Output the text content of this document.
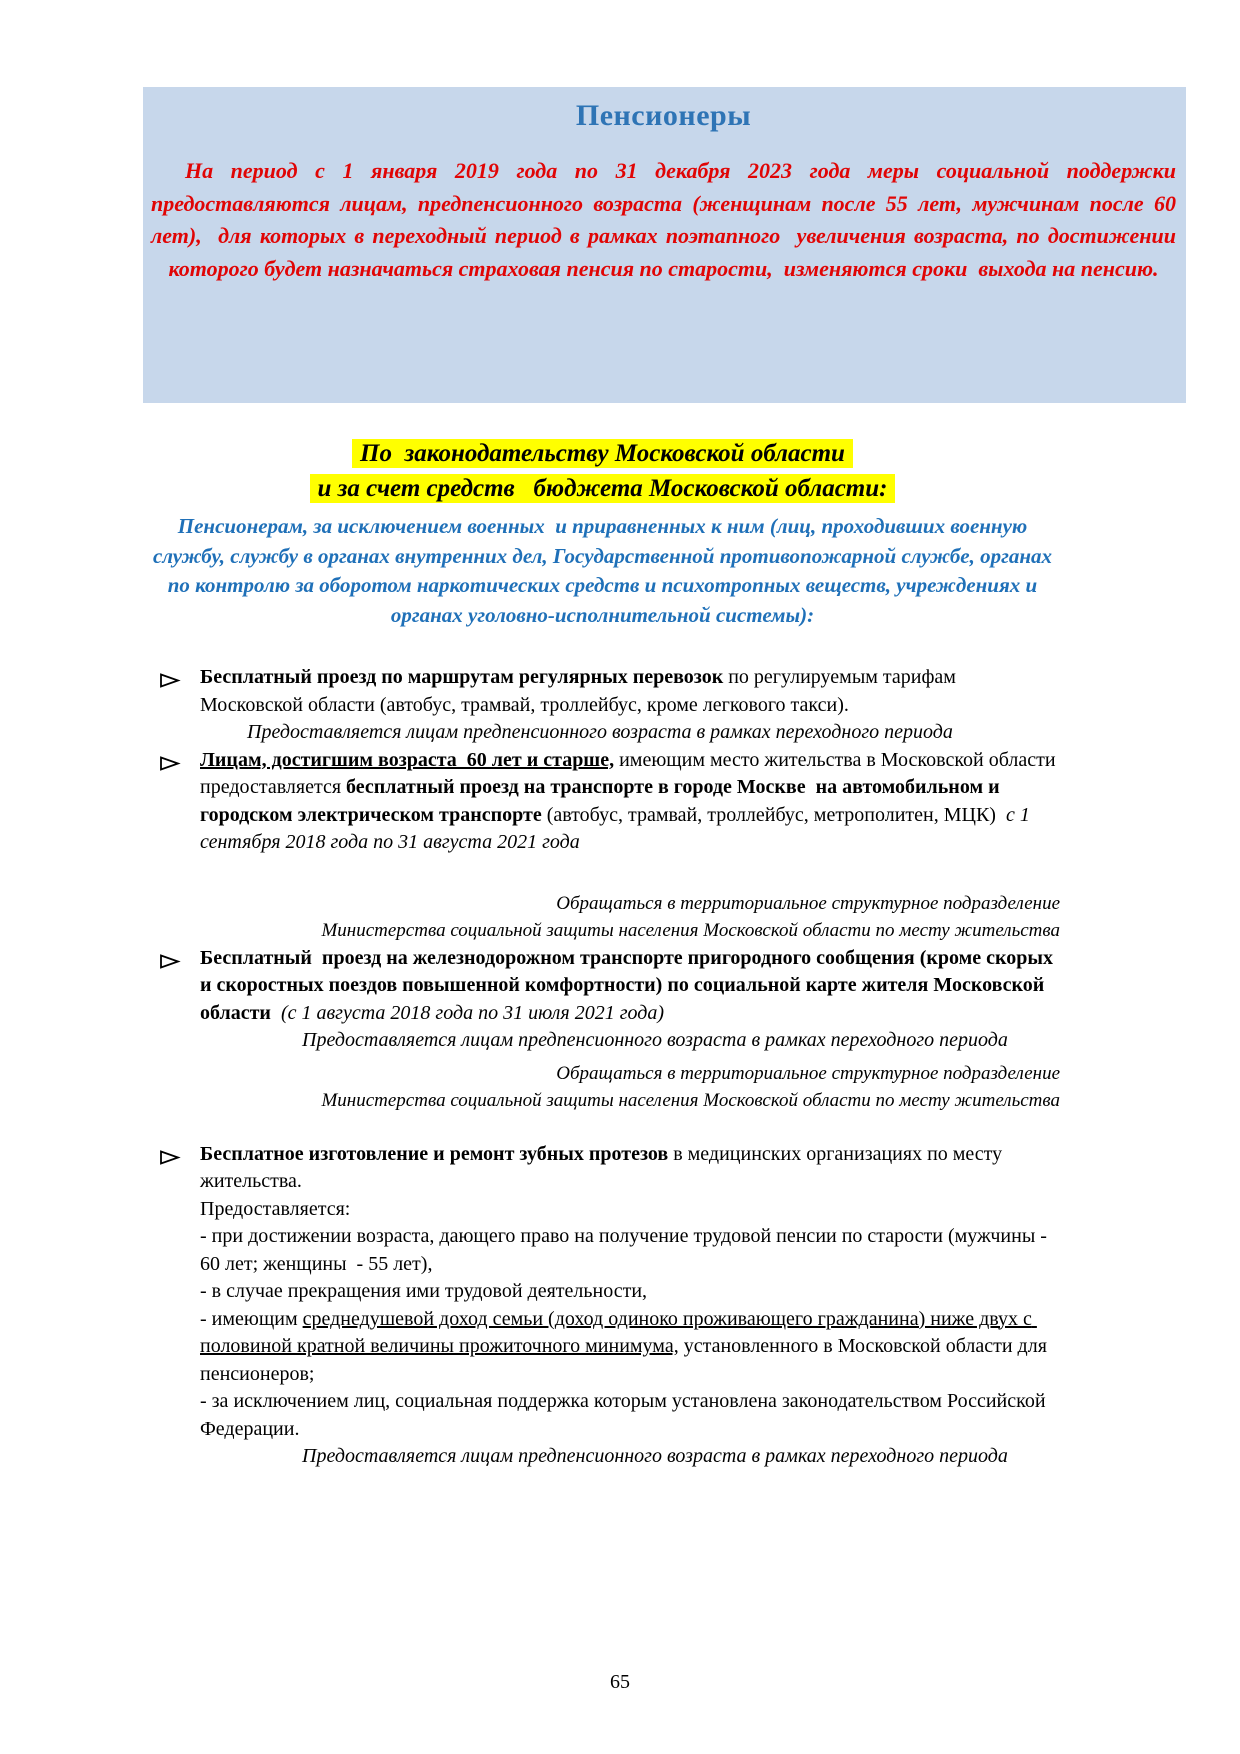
Пенсионеры
На период с 1 января 2019 года по 31 декабря 2023 года меры социальной поддержки предоставляются лицам, предпенсионного возраста (женщинам после 55 лет, мужчинам после 60 лет),  для которых в переходный период в рамках поэтапного  увеличения возраста, по достижении которого будет назначаться страховая пенсия по старости,  изменяются сроки  выхода на пенсию.
По  законодательству Московской области
и за счет средств   бюджета Московской области:
Пенсионерам, за исключением военных  и приравненных к ним (лиц, проходивших военную службу, службу в органах внутренних дел, Государственной противопожарной службе, органах по контролю за оборотом наркотических средств и психотропных веществ, учреждениях и органах уголовно-исполнительной системы):
Бесплатный проезд по маршрутам регулярных перевозок по регулируемым тарифам Московской области (автобус, трамвай, троллейбус, кроме легкового такси).
Предоставляется лицам предпенсионного возраста в рамках переходного периода
Лицам, достигшим возраста  60 лет и старше, имеющим место жительства в Московской области предоставляется бесплатный проезд на транспорте в городе Москве  на автомобильном и городском электрическом транспорте (автобус, трамвай, троллейбус, метрополитен, МЦК)  с 1 сентября 2018 года по 31 августа 2021 года
Обращаться в территориальное структурное подразделение
Министерства социальной защиты населения Московской области по месту жительства
Бесплатный  проезд на железнодорожном транспорте пригородного сообщения (кроме скорых и скоростных поездов повышенной комфортности) по социальной карте жителя Московской области  (с 1 августа 2018 года по 31 июля 2021 года)
Предоставляется лицам предпенсионного возраста в рамках переходного периода
Обращаться в территориальное структурное подразделение
Министерства социальной защиты населения Московской области по месту жительства
Бесплатное изготовление и ремонт зубных протезов в медицинских организациях по месту жительства.
Предоставляется:
- при достижении возраста, дающего право на получение трудовой пенсии по старости (мужчины - 60 лет; женщины  - 55 лет),
- в случае прекращения ими трудовой деятельности,
- имеющим среднедушевой доход семьи (доход одиноко проживающего гражданина) ниже двух с половиной кратной величины прожиточного минимума, установленного в Московской области для пенсионеров;
- за исключением лиц, социальная поддержка которым установлена законодательством Российской Федерации.
Предоставляется лицам предпенсионного возраста в рамках переходного периода
65
